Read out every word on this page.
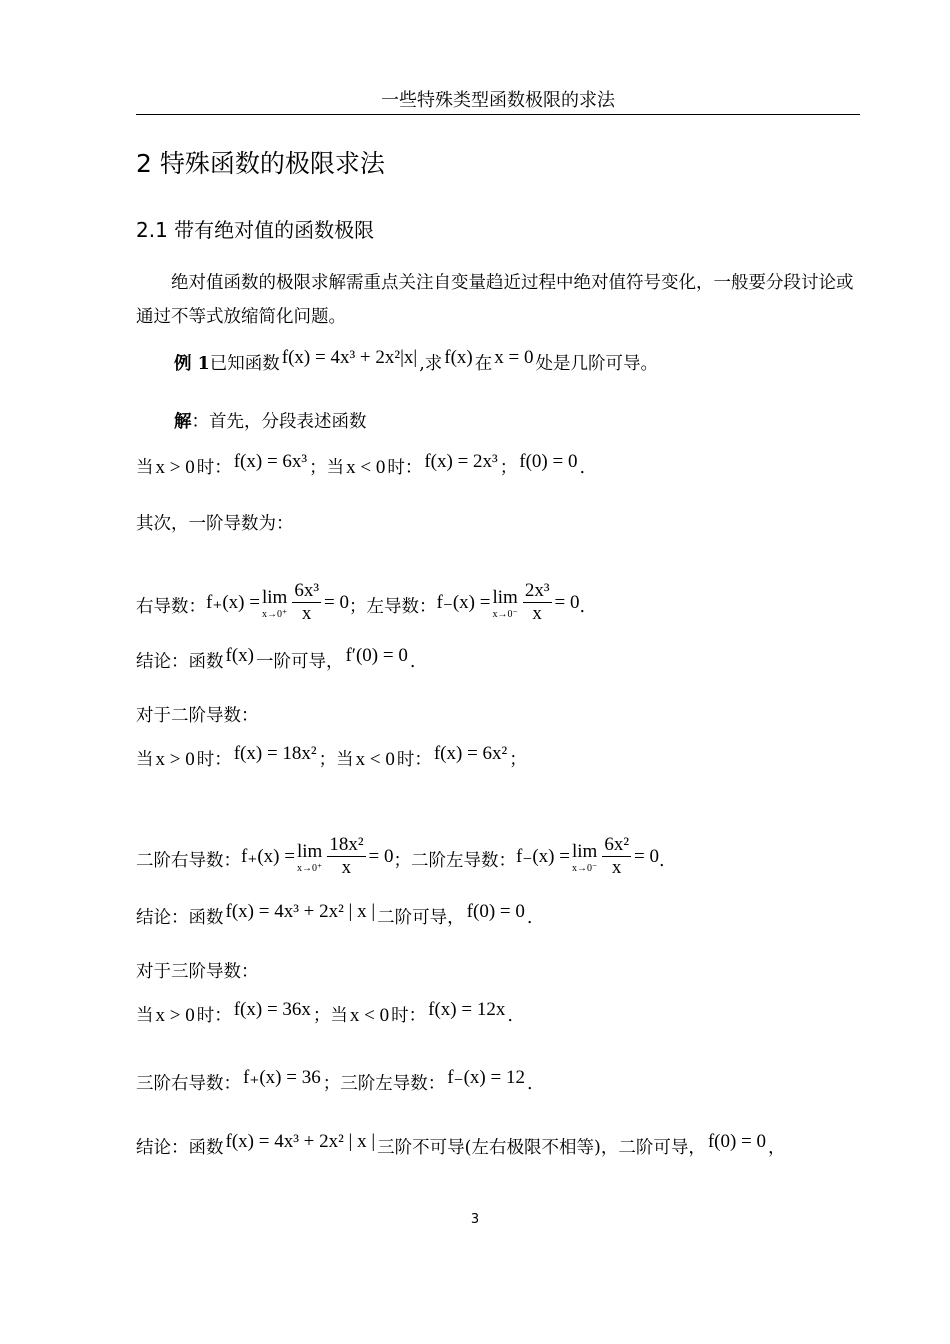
一些特殊类型函数极限的求法
2 特殊函数的极限求法
2.1 带有绝对值的函数极限
绝对值函数的极限求解需重点关注自变量趋近过程中绝对值符号变化，一般要分段讨论或通过不等式放缩简化问题。
例 1 已知函数 f(x) = 4x³ + 2x²|x| ,求 f(x) 在 x = 0 处是几阶可导。
解 ：首先，分段表述函数
当 x > 0 时： f(x) = 6x³ ；当 x < 0 时： f(x) = 2x³ ； f(0) = 0 .
其次，一阶导数为：
右导数： f₊(x) = lim
$x\to 0^+ \frac{\text{6x³}}{x} = 0$ ；左导数： f₋(x) = lim
$x\to 0^- \frac{\text{2x³}}{x} = 0$ .
结论：函数 f(x) 一阶可导， f′(0) = 0 .
对于二阶导数：
当 x > 0 时： f(x) = 18x² ；当 x < 0 时： f(x) = 6x² ；
二阶右导数： f₊(x) = lim
$x\to 0^+ \frac{\text{18x²}}{x} = 0$ ；二阶左导数： f₋(x) = lim
$x\to 0^- \frac{\text{6x²}}{x} = 0$ .
结论：函数 f(x) = 4x³ + 2x² | x | 二阶可导， f(0) = 0 .
对于三阶导数：
当 x > 0 时： f(x) = 36x ；当 x < 0 时： f(x) = 12x .
三阶右导数： f₊(x) = 36 ；三阶左导数： f₋(x) = 12 .
结论：函数 f(x) = 4x³ + 2x² | x | 三阶不可导(左右极限不相等)，二阶可导， f(0) = 0 ，
3
